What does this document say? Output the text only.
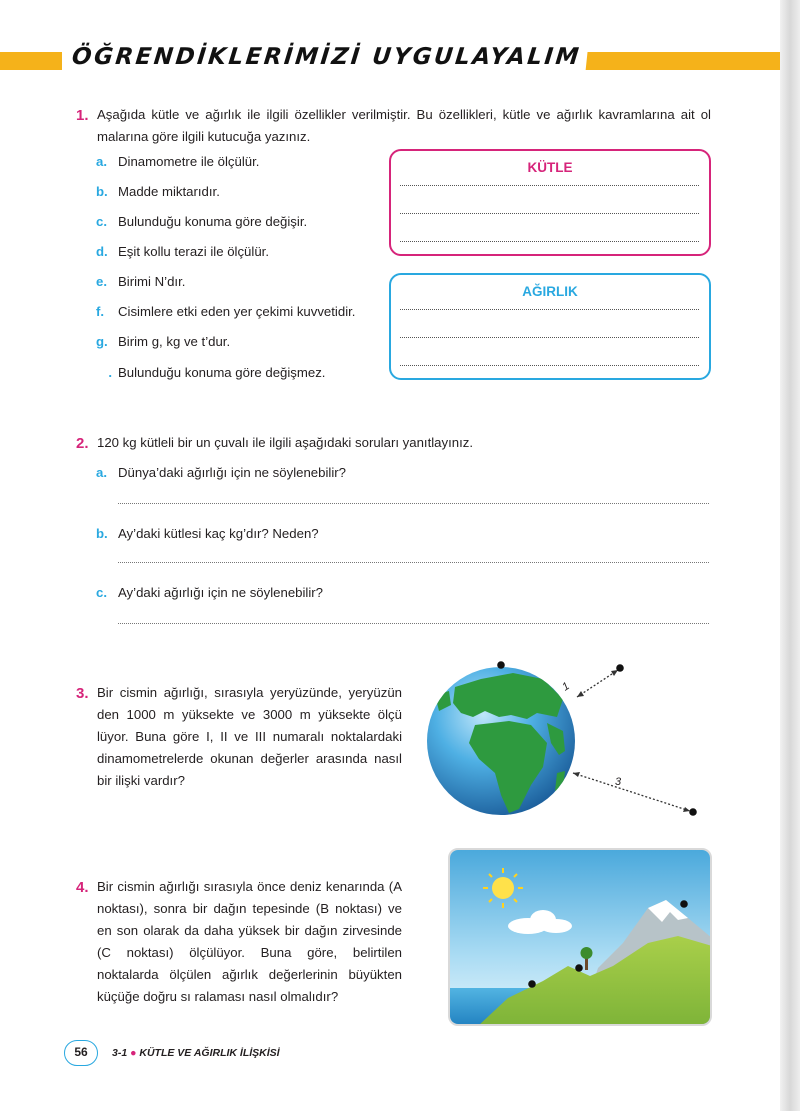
ÖĞRENDİKLERİMİZİ UYGULAYALIM
1. Aşağıda kütle ve ağırlık ile ilgili özellikler verilmiştir. Bu özellikleri, kütle ve ağırlık kavramlarına ait ol malarına göre ilgili kutucuğa yazınız.
a. Dinamometre ile ölçülür.
b. Madde miktarıdır.
c. Bulunduğu konuma göre değişir.
d. Eşit kollu terazi ile ölçülür.
e. Birimi N’dır.
f. Cisimlere etki eden yer çekimi kuvvetidir.
g. Birim g, kg ve t’dur.
. Bulunduğu konuma göre değişmez.
KÜTLE
AĞIRLIK
2. 120 kg kütleli bir un çuvalı ile ilgili aşağıdaki soruları yanıtlayınız.
a. Dünya’daki ağırlığı için ne söylenebilir?
b. Ay’daki kütlesi kaç kg’dır? Neden?
c. Ay’daki ağırlığı için ne söylenebilir?
3. Bir cismin ağırlığı, sırasıyla yeryüzünde, yeryüzün den 1000 m yüksekte ve 3000 m yüksekte ölçü lüyor. Buna göre I, II ve III numaralı noktalardaki dinamometrelerde okunan değerler arasında nasıl bir ilişki vardır?
1
3
4. Bir cismin ağırlığı sırasıyla önce deniz kenarında (A noktası), sonra bir dağın tepesinde (B noktası) ve en son olarak da daha yüksek bir dağın zirvesinde (C noktası) ölçülüyor. Buna göre, belirtilen noktalarda ölçülen ağırlık değerlerinin büyükten küçüğe doğru sı ralaması nasıl olmalıdır?
56	3-1 ● KÜTLE VE AĞIRLIK İLİŞKİSİ
